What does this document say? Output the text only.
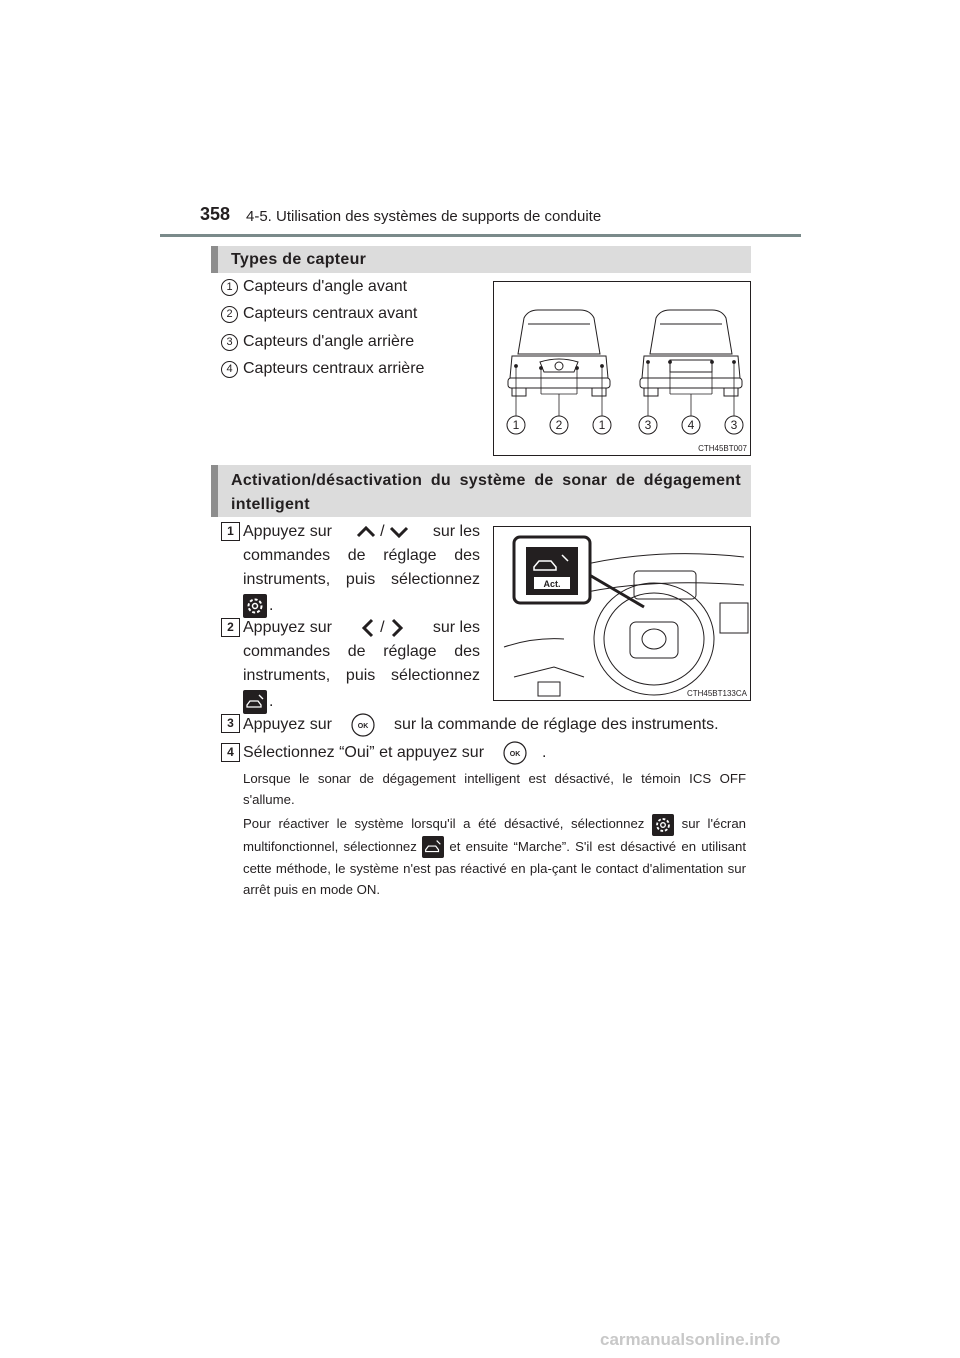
358 4-5. Utilisation des systèmes de supports de conduite
Types de capteur
1 Capteurs d'angle avant
2 Capteurs centraux avant
3 Capteurs d'angle arrière
4 Capteurs centraux arrière
1	2	1	3	4	3
CTH45BT007
Activation/désactivation du système de sonar de dégagement intelligent
1 Appuyez sur	/	sur les
commandes de réglage des
instruments, puis sélectionnez
.
2 Appuyez sur	/	sur les
commandes de réglage des
instruments, puis sélectionnez
.
Act.
CTH45BT133CA
3 Appuyez sur	OK sur la commande de réglage des instruments.
4 Sélectionnez “Oui” et appuyez sur	OK .
Lorsque le sonar de dégagement intelligent est désactivé, le témoin ICS OFF s'allume.
Pour réactiver le système lorsqu'il a été désactivé, sélectionnez	sur l'écran multifonctionnel, sélectionnez et ensuite “Marche”. S'il est désactivé en utilisant cette méthode, le système n'est pas réactivé en pla-çant le contact d'alimentation sur arrêt puis en mode ON.
carmanualsonline.info
